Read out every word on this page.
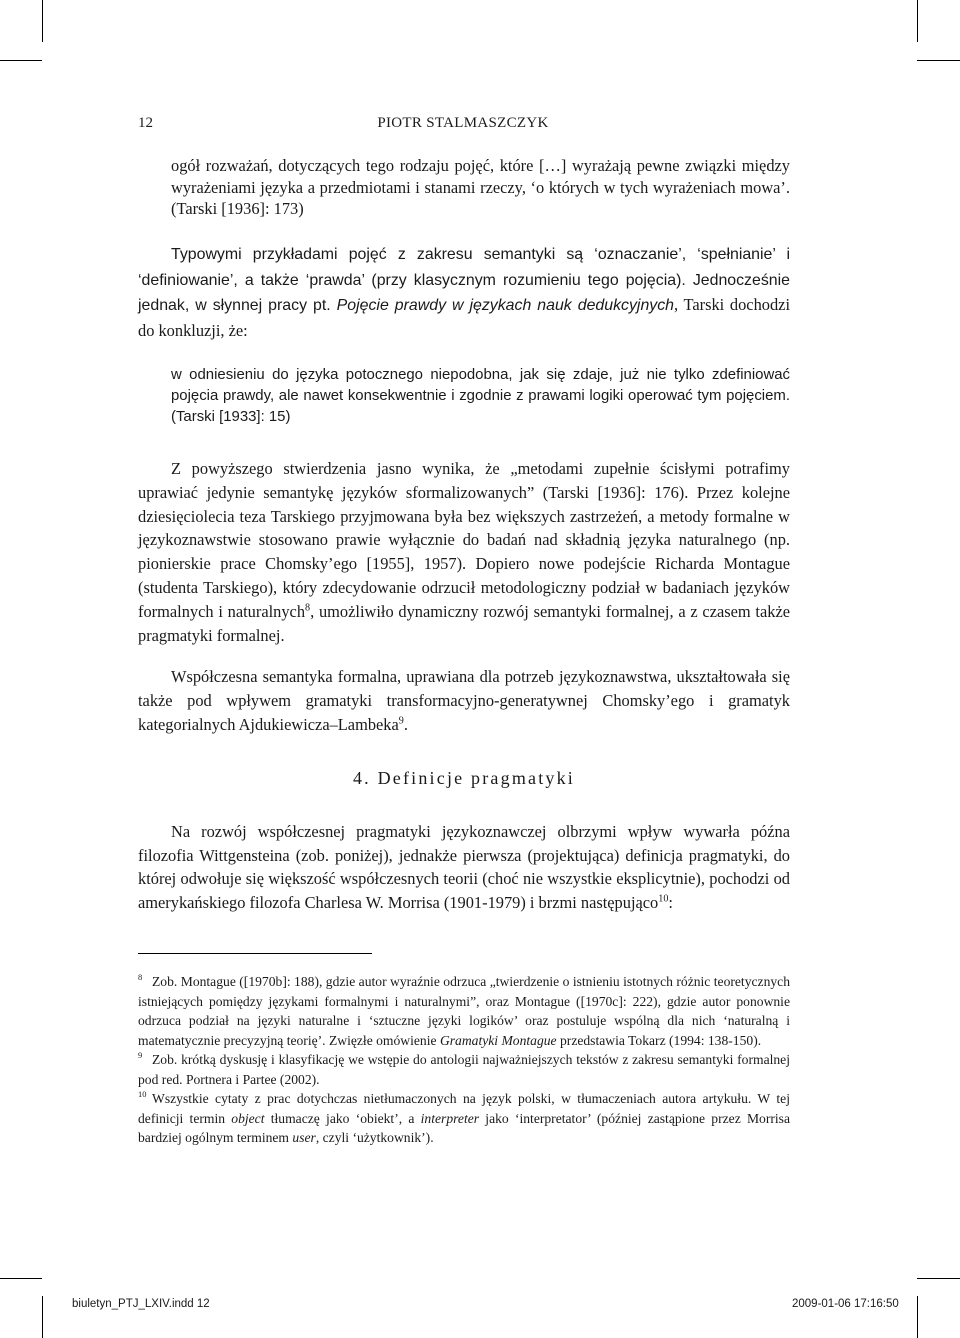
12	PIOTR STALMASZCZYK
ogół rozważań, dotyczących tego rodzaju pojęć, które […] wyrażają pewne związki między wyrażeniami języka a przedmiotami i stanami rzeczy, ‘o których w tych wyrażeniach mowa’. (Tarski [1936]: 173)
Typowymi przykładami pojęć z zakresu semantyki są ‘oznaczanie’, ‘spełnianie’ i ‘definiowanie’, a także ‘prawda’ (przy klasycznym rozumieniu tego pojęcia). Jednocześnie jednak, w słynnej pracy pt. Pojęcie prawdy w językach nauk dedukcyjnych, Tarski dochodzi do konkluzji, że:
w odniesieniu do języka potocznego niepodobna, jak się zdaje, już nie tylko zdefiniować pojęcia prawdy, ale nawet konsekwentnie i zgodnie z prawami logiki operować tym pojęciem. (Tarski [1933]: 15)
Z powyższego stwierdzenia jasno wynika, że „metodami zupełnie ścisłymi potrafimy uprawiać jedynie semantykę języków sformalizowanych” (Tarski [1936]: 176). Przez kolejne dziesięciolecia teza Tarskiego przyjmowana była bez większych zastrzeżeń, a metody formalne w językoznawstwie stosowano prawie wyłącznie do badań nad składnią języka naturalnego (np. pionierskie prace Chomsky’ego [1955], 1957). Dopiero nowe podejście Richarda Montague (studenta Tarskiego), który zdecydowanie odrzucił metodologiczny podział w badaniach języków formalnych i naturalnych$^8$, umożliwiło dynamiczny rozwój semantyki formalnej, a z czasem także pragmatyki formalnej.
Współczesna semantyka formalna, uprawiana dla potrzeb językoznawstwa, ukształtowała się także pod wpływem gramatyki transformacyjno-generatywnej Chomsky’ego i gramatyk kategorialnych Ajdukiewicza–Lambeka$^9$.
4. Definicje pragmatyki
Na rozwój współczesnej pragmatyki językoznawczej olbrzymi wpływ wywarła późna filozofia Wittgensteina (zob. poniżej), jednakże pierwsza (projektująca) definicja pragmatyki, do której odwołuje się większość współczesnych teorii (choć nie wszystkie eksplicytnie), pochodzi od amerykańskiego filozofa Charlesa W. Morrisa (1901-1979) i brzmi następująco$^{10}$:

$^8$ Zob. Montague ([1970b]: 188), gdzie autor wyraźnie odrzuca „twierdzenie o istnieniu istotnych różnic teoretycznych istniejących pomiędzy językami formalnymi i naturalnymi”, oraz Montague ([1970c]: 222), gdzie autor ponownie odrzuca podział na języki naturalne i ‘sztuczne języki logików’ oraz postuluje wspólną dla nich ‘naturalną i matematycznie precyzyjną teorię’. Zwięzłe omówienie Gramatyki Montague przedstawia Tokarz (1994: 138-150).

$^9$ Zob. krótką dyskusję i klasyfikację we wstępie do antologii najważniejszych tekstów z zakresu semantyki formalnej pod red. Portnera i Partee (2002).

$^{10}$ Wszystkie cytaty z prac dotychczas nietłumaczonych na język polski, w tłumaczeniach autora artykułu. W tej definicji termin object tłumaczę jako ‘obiekt’, a interpreter jako ‘interpretator’ (później zastąpione przez Morrisa bardziej ogólnym terminem user, czyli ‘użytkownik’).

biuletyn_PTJ_LXIV.indd 12	2009-01-06 17:16:50
